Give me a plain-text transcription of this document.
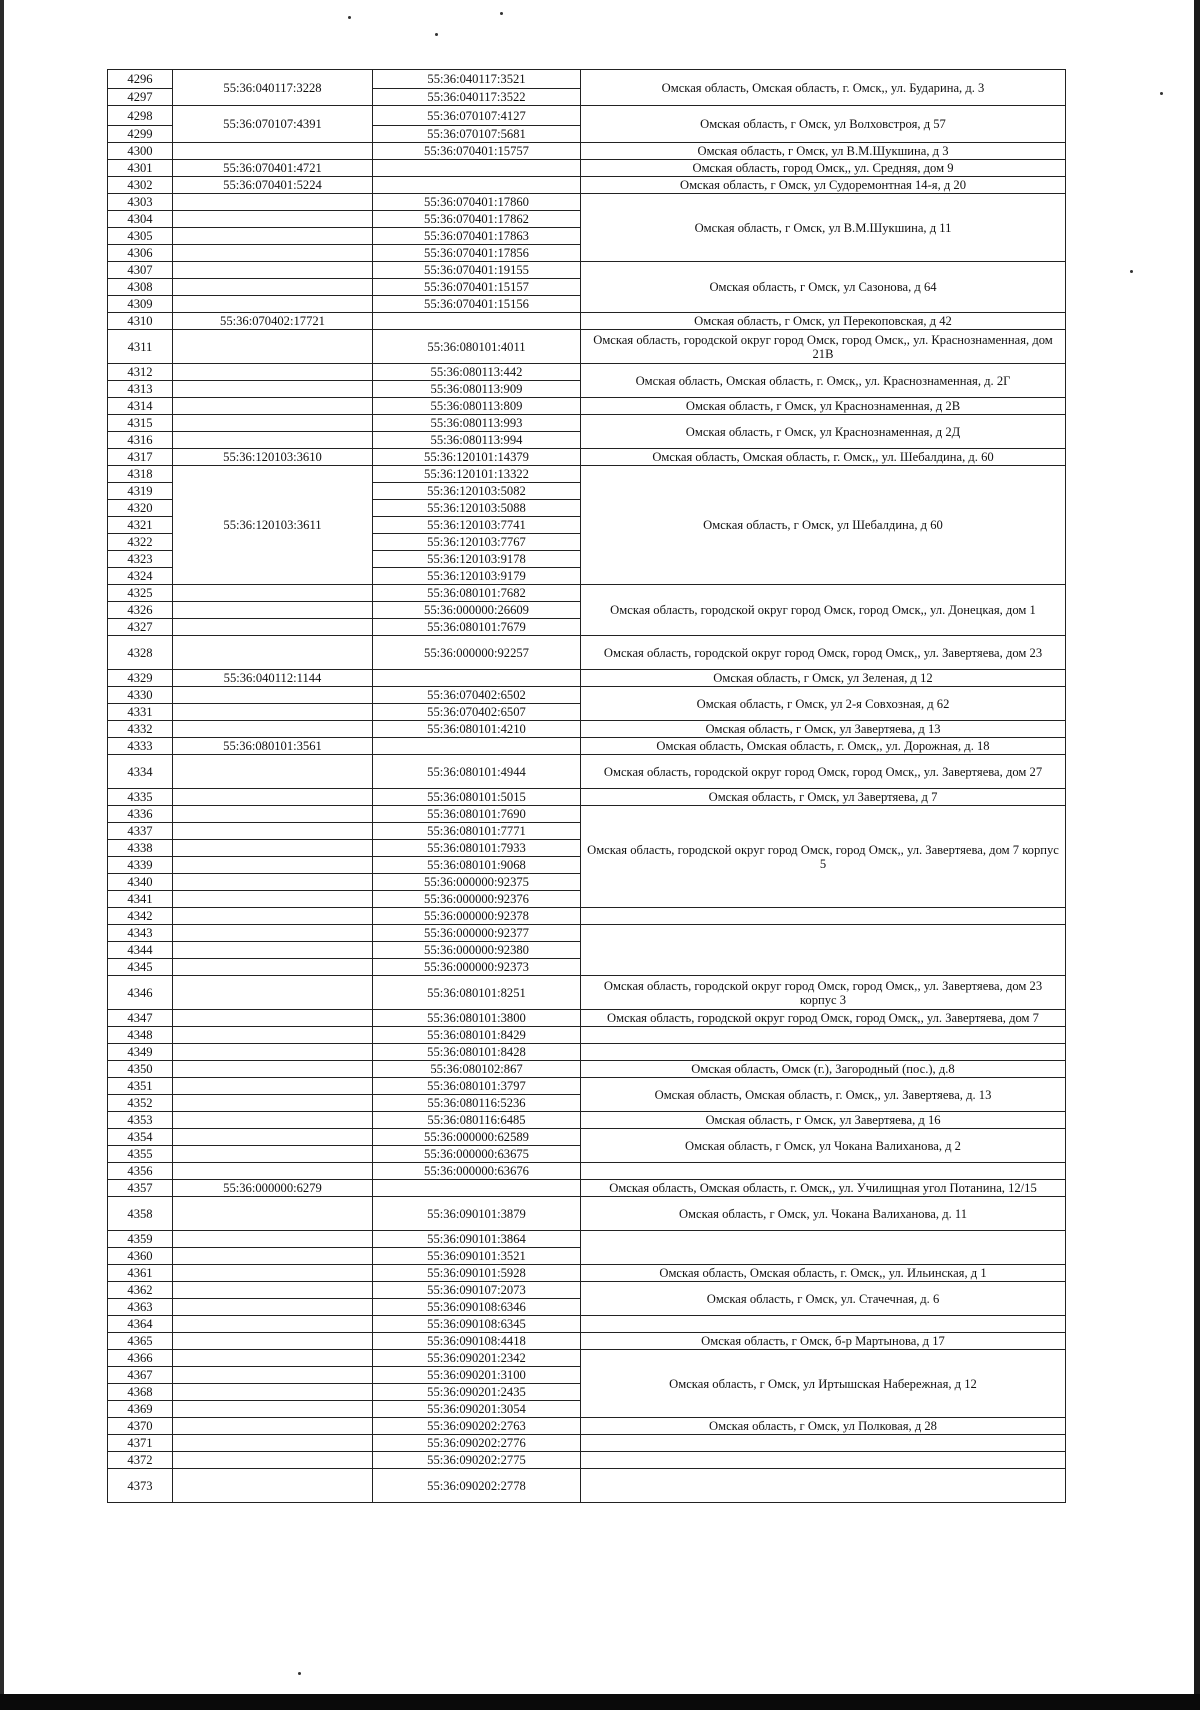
4296	55:36:040117:3228	55:36:040117:3521	Омская область, Омская область, г. Омск,, ул. Бударина, д. 3
4297		55:36:040117:3522	
4298	55:36:070107:4391	55:36:070107:4127	Омская область, г Омск, ул Волховстроя, д 57
4299		55:36:070107:5681	
4300		55:36:070401:15757	Омская область, г Омск, ул В.М.Шукшина, д 3
4301	55:36:070401:4721		Омская область, город Омск,, ул. Средняя, дом 9
4302	55:36:070401:5224		Омская область, г Омск, ул Судоремонтная 14-я, д 20
4303		55:36:070401:17860	Омская область, г Омск, ул В.М.Шукшина, д 11
4304		55:36:070401:17862	
4305		55:36:070401:17863	
4306		55:36:070401:17856	
4307		55:36:070401:19155	Омская область, г Омск, ул Сазонова, д 64
4308		55:36:070401:15157	
4309		55:36:070401:15156	
4310	55:36:070402:17721		Омская область, г Омск, ул Перекоповская, д 42
4311		55:36:080101:4011	Омская область, городской округ город Омск, город Омск,, ул. Краснознаменная, дом 21В
4312		55:36:080113:442	Омская область, Омская область, г. Омск,, ул. Краснознаменная, д. 2Г
4313		55:36:080113:909	
4314		55:36:080113:809	Омская область, г Омск, ул Краснознаменная, д 2В
4315		55:36:080113:993	Омская область, г Омск, ул Краснознаменная, д 2Д
4316		55:36:080113:994	
4317	55:36:120103:3610	55:36:120101:14379	Омская область, Омская область, г. Омск,, ул. Шебалдина, д. 60
4318	55:36:120103:3611	55:36:120101:13322	Омская область, г Омск, ул Шебалдина, д 60
4319		55:36:120103:5082	
4320		55:36:120103:5088	
4321		55:36:120103:7741	
4322		55:36:120103:7767	
4323		55:36:120103:9178	
4324		55:36:120103:9179	
4325		55:36:080101:7682	Омская область, городской округ город Омск, город Омск,, ул. Донецкая, дом 1
4326		55:36:000000:26609	
4327		55:36:080101:7679	
4328		55:36:000000:92257	Омская область, городской округ город Омск, город Омск,, ул. Завертяева, дом 23
4329	55:36:040112:1144		Омская область, г Омск, ул Зеленая, д 12
4330		55:36:070402:6502	Омская область, г Омск, ул 2-я Совхозная, д 62
4331		55:36:070402:6507	
4332		55:36:080101:4210	Омская область, г Омск, ул Завертяева, д 13
4333	55:36:080101:3561		Омская область, Омская область, г. Омск,, ул. Дорожная, д. 18
4334		55:36:080101:4944	Омская область, городской округ город Омск, город Омск,, ул. Завертяева, дом 27
4335		55:36:080101:5015	Омская область, г Омск, ул Завертяева, д 7
4336		55:36:080101:7690	Омская область, городской округ город Омск, город Омск,, ул. Завертяева, дом 7 корпус 5
4337		55:36:080101:7771	
4338		55:36:080101:7933	
4339		55:36:080101:9068	
4340		55:36:000000:92375	
4341		55:36:000000:92376	
4342		55:36:000000:92378	
4343		55:36:000000:92377	
4344		55:36:000000:92380	
4345		55:36:000000:92373	
4346		55:36:080101:8251	Омская область, городской округ город Омск, город Омск,, ул. Завертяева, дом 23 корпус 3
4347		55:36:080101:3800	Омская область, городской округ город Омск, город Омск,, ул. Завертяева, дом 7
4348		55:36:080101:8429	
4349		55:36:080101:8428	
4350		55:36:080102:867	Омская область, Омск (г.), Загородный (пос.), д.8
4351		55:36:080101:3797	Омская область, Омская область, г. Омск,, ул. Завертяева, д. 13
4352		55:36:080116:5236	
4353		55:36:080116:6485	Омская область, г Омск, ул Завертяева, д 16
4354		55:36:000000:62589	Омская область, г Омск, ул Чокана Валиханова, д 2
4355		55:36:000000:63675	
4356		55:36:000000:63676	
4357	55:36:000000:6279		Омская область, Омская область, г. Омск,, ул. Училищная угол Потанина, 12/15
4358		55:36:090101:3879	Омская область, г Омск, ул. Чокана Валиханова, д. 11
4359		55:36:090101:3864	
4360		55:36:090101:3521	
4361		55:36:090101:5928	Омская область, Омская область, г. Омск,, ул. Ильинская, д 1
4362		55:36:090107:2073	Омская область, г Омск, ул. Стачечная, д. 6
4363		55:36:090108:6346	
4364		55:36:090108:6345	
4365		55:36:090108:4418	Омская область, г Омск, б-р Мартынова, д 17
4366		55:36:090201:2342	Омская область, г Омск, ул Иртышская Набережная, д 12
4367		55:36:090201:3100	
4368		55:36:090201:2435	
4369		55:36:090201:3054	
4370		55:36:090202:2763	Омская область, г Омск, ул Полковая, д 28
4371		55:36:090202:2776	
4372		55:36:090202:2775	
4373		55:36:090202:2778	
